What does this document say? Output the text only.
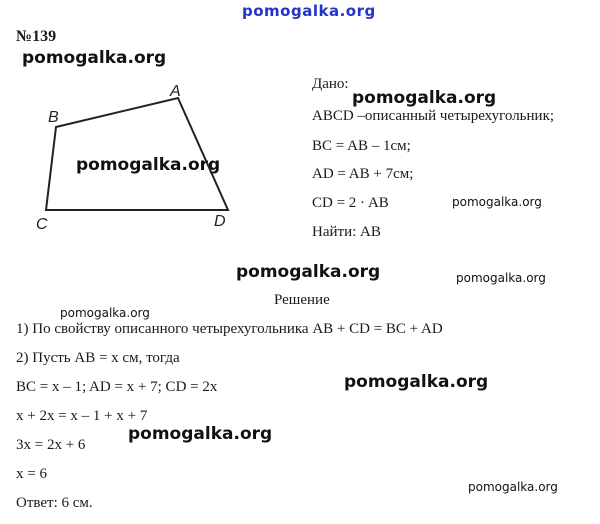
pomogalka.org
№139
pomogalka.org
pomogalka.org
pomogalka.org
pomogalka.org
pomogalka.org	pomogalka.org
pomogalka.org
pomogalka.org
pomogalka.org
pomogalka.org
A
B
C	D
Дано:
ABCD –описанный четырехугольник;
BC = AB – 1см;
AD = AB + 7см;
CD = 2 · AB
Найти: AB
Решение
1) По свойству описанного четырехугольника AB + CD = BC + AD
2) Пусть AB = x см, тогда
BC = x – 1; AD = x + 7; CD = 2x
x + 2x = x – 1 + x + 7
3x = 2x + 6
x = 6
Ответ: 6 см.
